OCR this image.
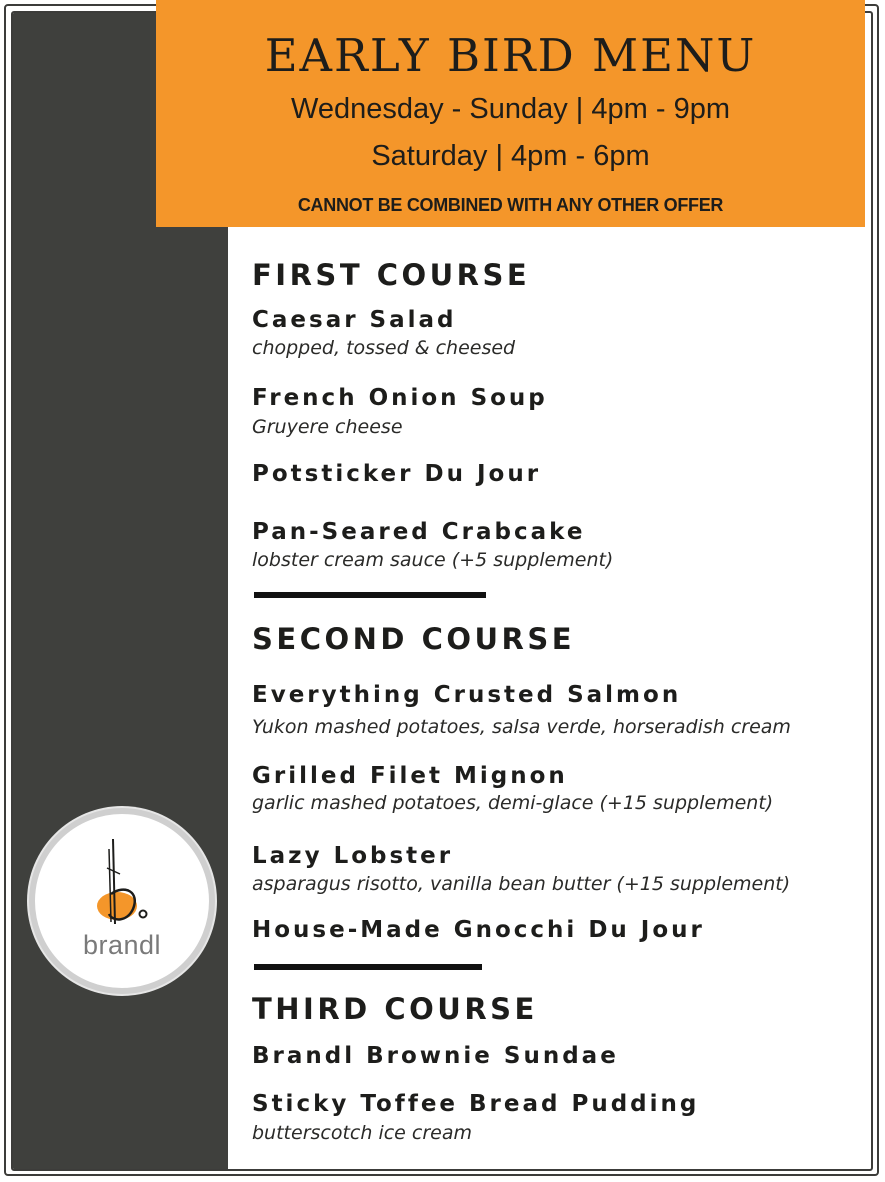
EARLY BIRD MENU
Wednesday - Sunday | 4pm - 9pm
Saturday | 4pm - 6pm
CANNOT BE COMBINED WITH ANY OTHER OFFER
brandl
FIRST COURSE
Caesar Salad
chopped, tossed & cheesed
French Onion Soup
Gruyere cheese
Potsticker Du Jour
Pan-Seared Crabcake
lobster cream sauce (+5 supplement)
SECOND COURSE
Everything Crusted Salmon
Yukon mashed potatoes, salsa verde, horseradish cream
Grilled Filet Mignon
garlic mashed potatoes, demi-glace (+15 supplement)
Lazy Lobster
asparagus risotto, vanilla bean butter (+15 supplement)
House-Made Gnocchi Du Jour
THIRD COURSE
Brandl Brownie Sundae
Sticky Toffee Bread Pudding
butterscotch ice cream
